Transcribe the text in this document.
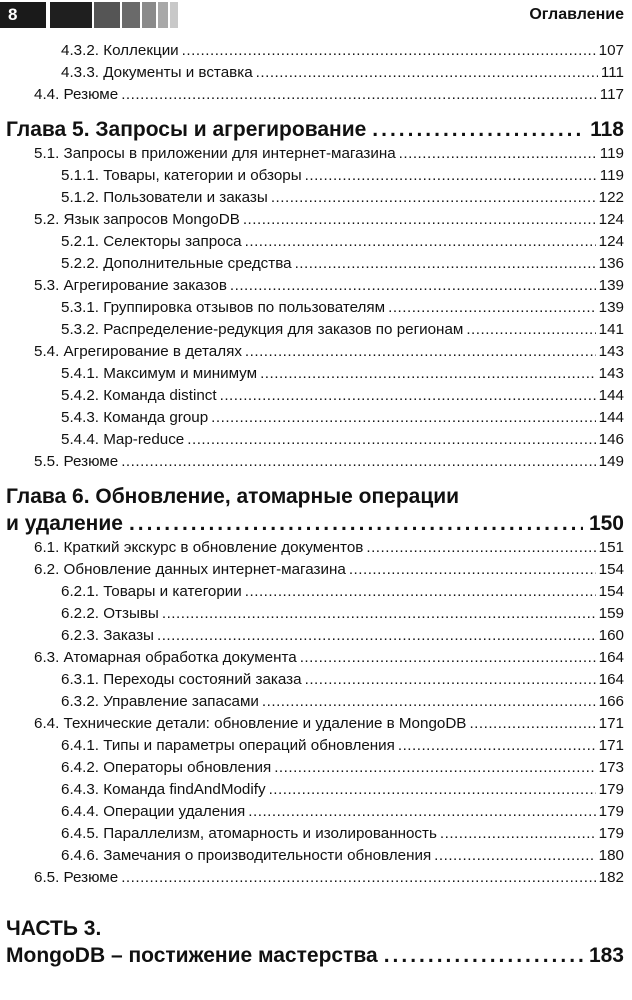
8	Оглавление
4.3.2. Коллекции .....	107
4.3.3. Документы и вставка .....	111
4.4. Резюме .....	117
Глава 5. Запросы и агрегирование .....	118
5.1. Запросы в приложении для интернет-магазина .....	119
5.1.1. Товары, категории и обзоры .....	119
5.1.2. Пользователи и заказы .....	122
5.2. Язык запросов MongoDB .....	124
5.2.1. Селекторы запроса .....	124
5.2.2. Дополнительные средства .....	136
5.3. Агрегирование заказов .....	139
5.3.1. Группировка отзывов по пользователям .....	139
5.3.2. Распределение-редукция для заказов по регионам .....	141
5.4. Агрегирование в деталях .....	143
5.4.1. Максимум и минимум .....	143
5.4.2. Команда distinct .....	144
5.4.3. Команда group .....	144
5.4.4. Map-reduce .....	146
5.5. Резюме .....	149
Глава 6. Обновление, атомарные операции
и удаление .....	150
6.1. Краткий экскурс в обновление документов .....	151
6.2. Обновление данных интернет-магазина .....	154
6.2.1. Товары и категории .....	154
6.2.2. Отзывы .....	159
6.2.3. Заказы .....	160
6.3. Атомарная обработка документа .....	164
6.3.1. Переходы состояний заказа .....	164
6.3.2. Управление запасами .....	166
6.4. Технические детали: обновление и удаление в MongoDB .....	171
6.4.1. Типы и параметры операций обновления .....	171
6.4.2. Операторы обновления .....	173
6.4.3. Команда findAndModify .....	179
6.4.4. Операции удаления .....	179
6.4.5. Параллелизм, атомарность и изолированность .....	179
6.4.6. Замечания о производительности обновления .....	180
6.5. Резюме .....	182
ЧАСТЬ 3.
MongoDB – постижение мастерства .....	183
